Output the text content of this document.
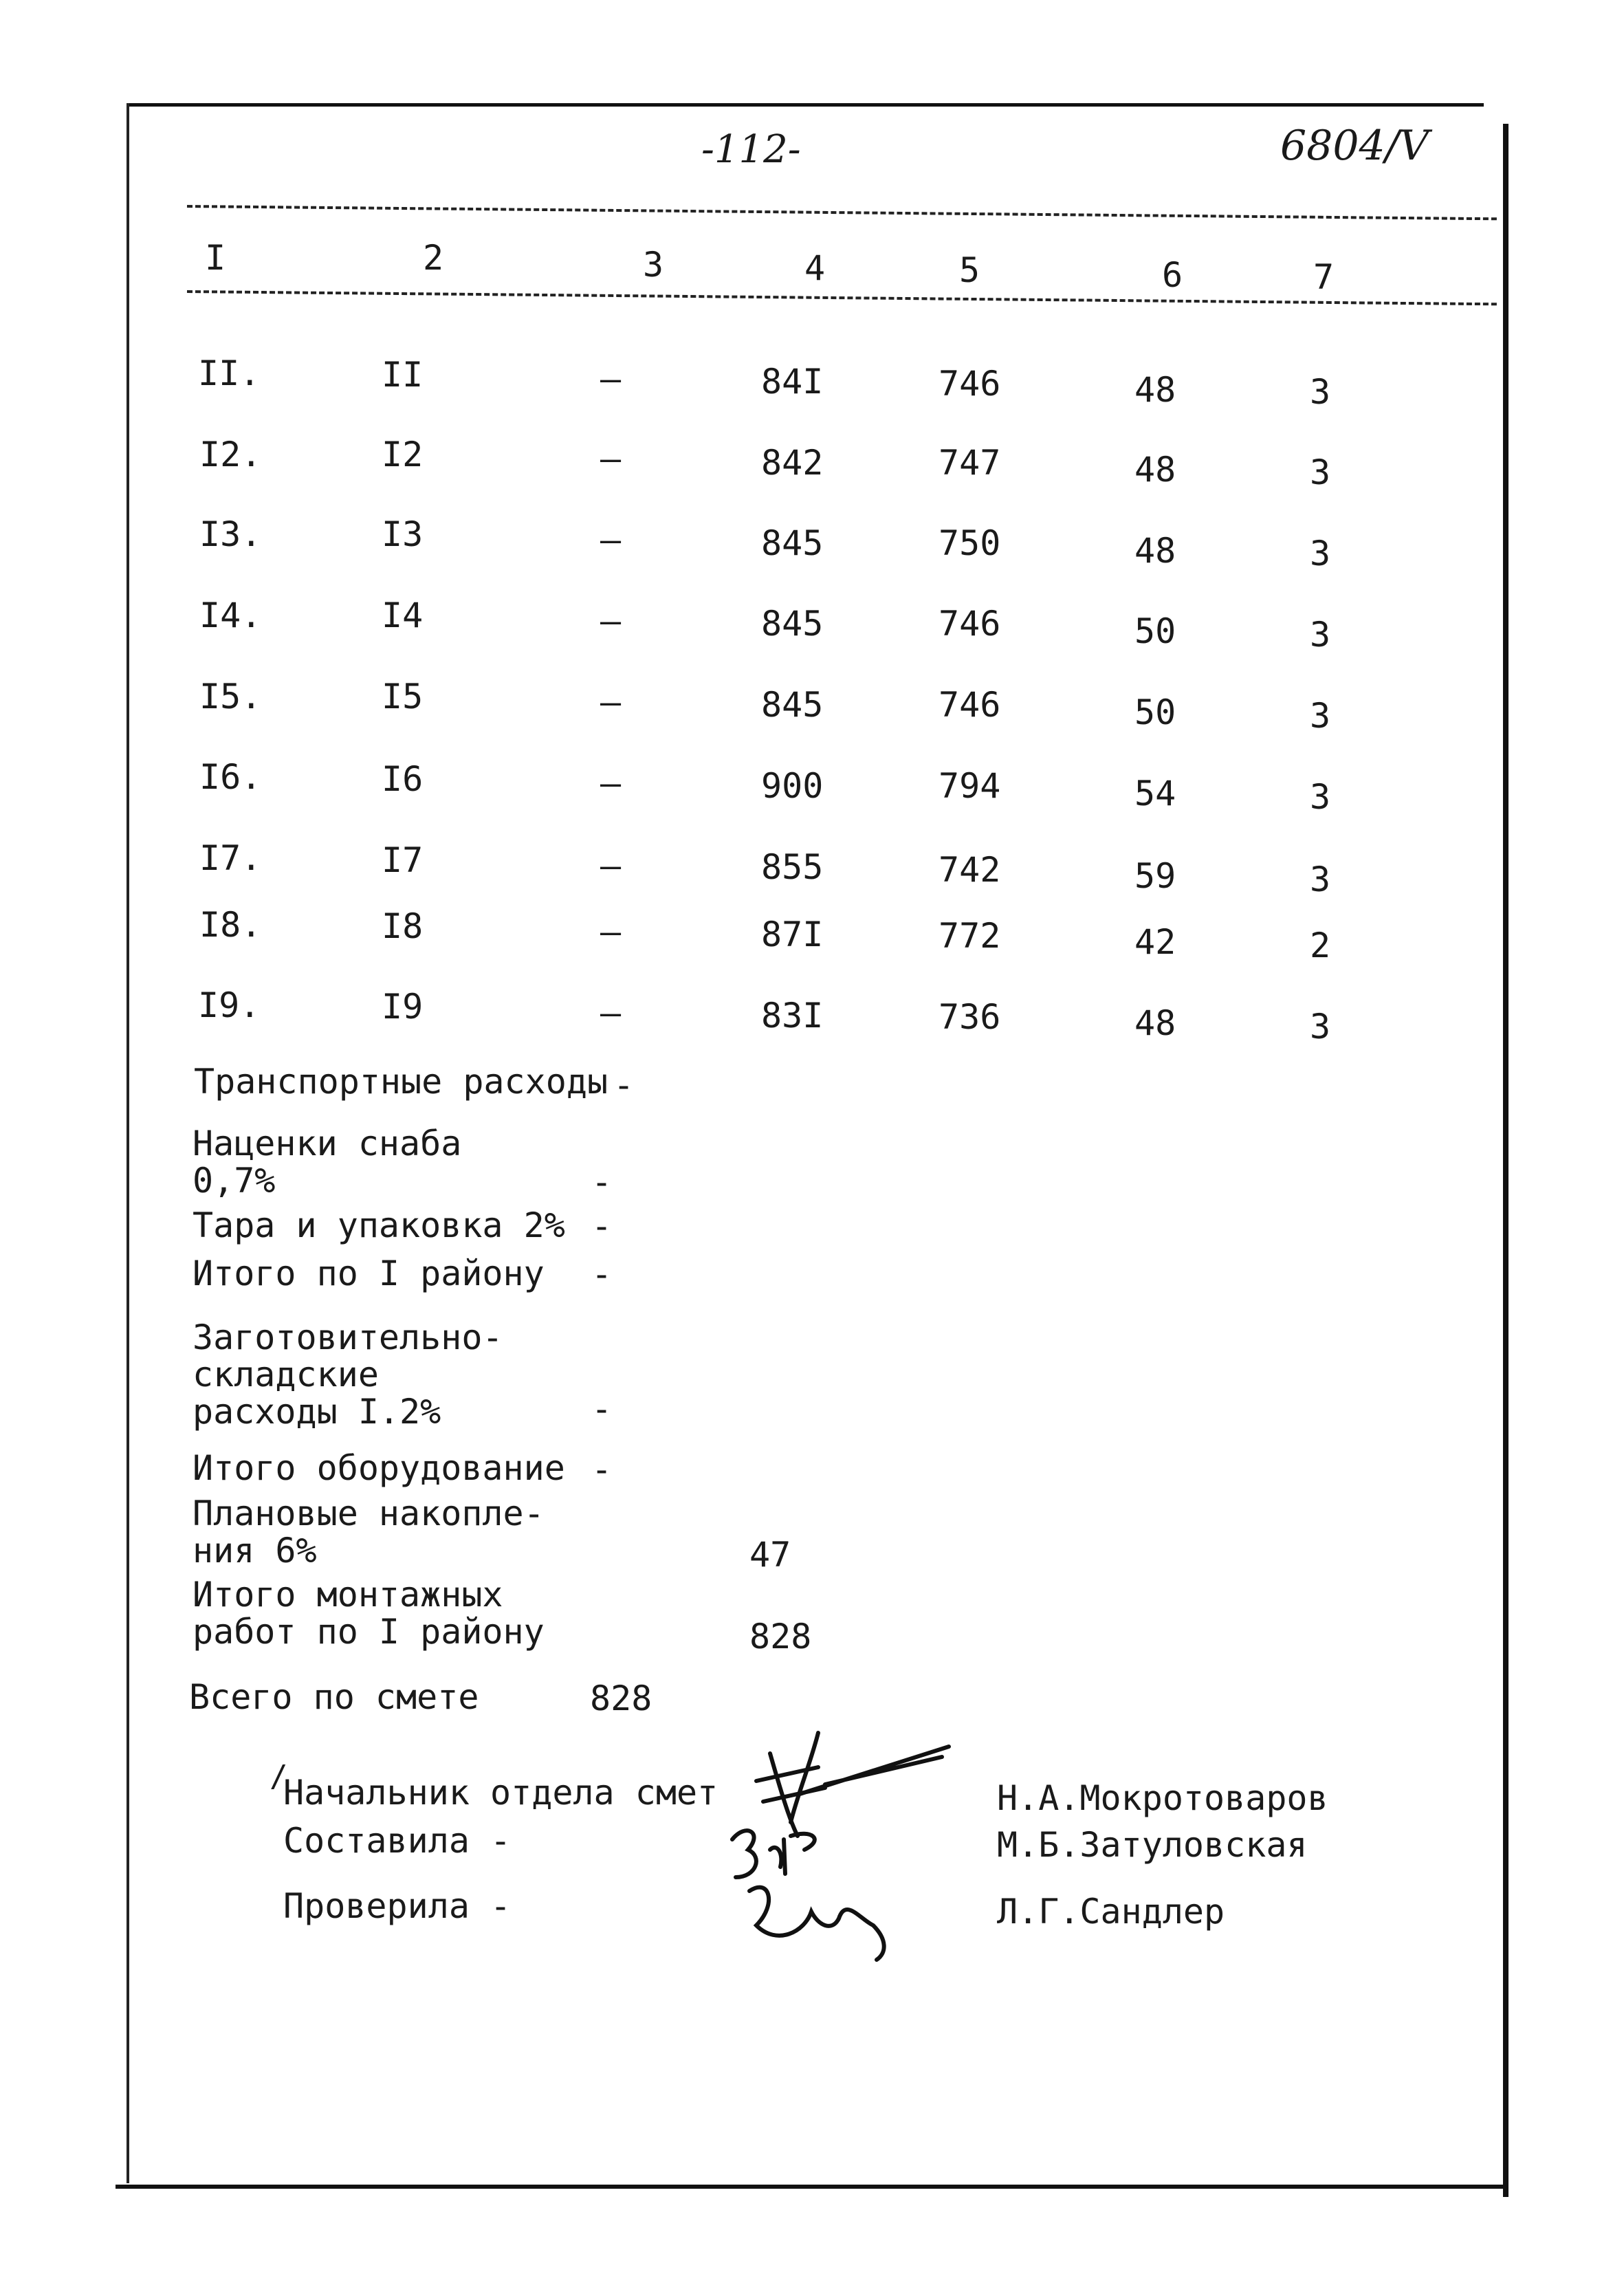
-112-	6804/Ⅴ
I	2	3	4	5	6	7
II.	II	–	84I	746	48	3
I2.	I2	–	842	747	48	3
I3.	I3	–	845	750	48	3
I4.	I4	–	845	746	50	3
I5.	I5	–	845	746	50	3
I6.	I6	–	900	794	54	3
I7.	I7	–	855	742	59	3
I8.	I8	–	87I	772	42	2
I9.	I9	–	83I	736	48	3
Транспортные расходы -
Наценки снаба
0,7%	-
Тара и упаковка 2% -
Итого по I району -
Заготовительно-
складские
расходы I.2%	-
Итого оборудование -
Плановые накопле-
ния 6%	47
Итого монтажных
работ по I району	828
Всего по смете	828
/
Начальник отдела смет	Н.А.Мокротоваров
Составила -	М.Б.Затуловская
Проверила -	Л.Г.Сандлер
